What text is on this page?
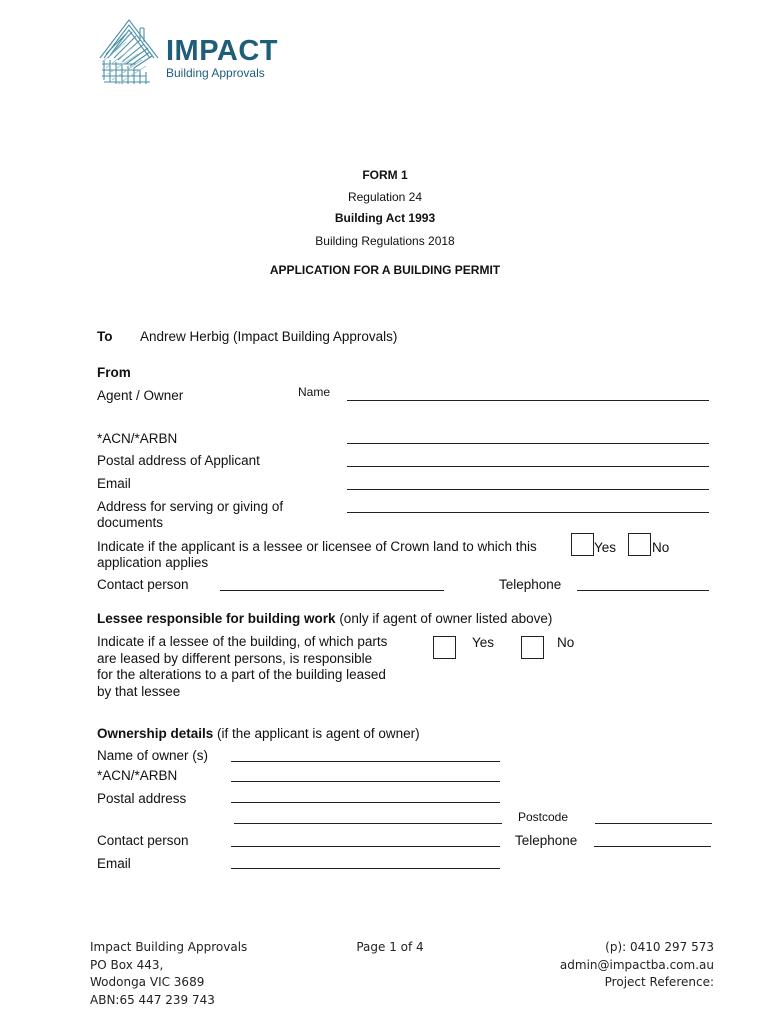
IMPACT
Building Approvals
FORM 1
Regulation 24
Building Act 1993
Building Regulations 2018
APPLICATION FOR A BUILDING PERMIT
To Andrew Herbig (Impact Building Approvals)
From
Agent / Owner	Name
*ACN/*ARBN
Postal address of Applicant
Email
Address for serving or giving of
documents
Indicate if the applicant is a lessee or licensee of Crown land to which this
application applies
Yes	No
Contact person	Telephone
Lessee responsible for building work (only if agent of owner listed above)
Indicate if a lessee of the building, of which parts
are leased by different persons, is responsible
for the alterations to a part of the building leased
by that lessee
Yes	No
Ownership details (if the applicant is agent of owner)
Name of owner (s)
*ACN/*ARBN
Postal address
Postcode
Contact person	Telephone
Email
Impact Building Approvals
PO Box 443,
Wodonga VIC 3689
ABN:65 447 239 743
Page 1 of 4	(p): 0410 297 573
admin@impactba.com.au
Project Reference:
